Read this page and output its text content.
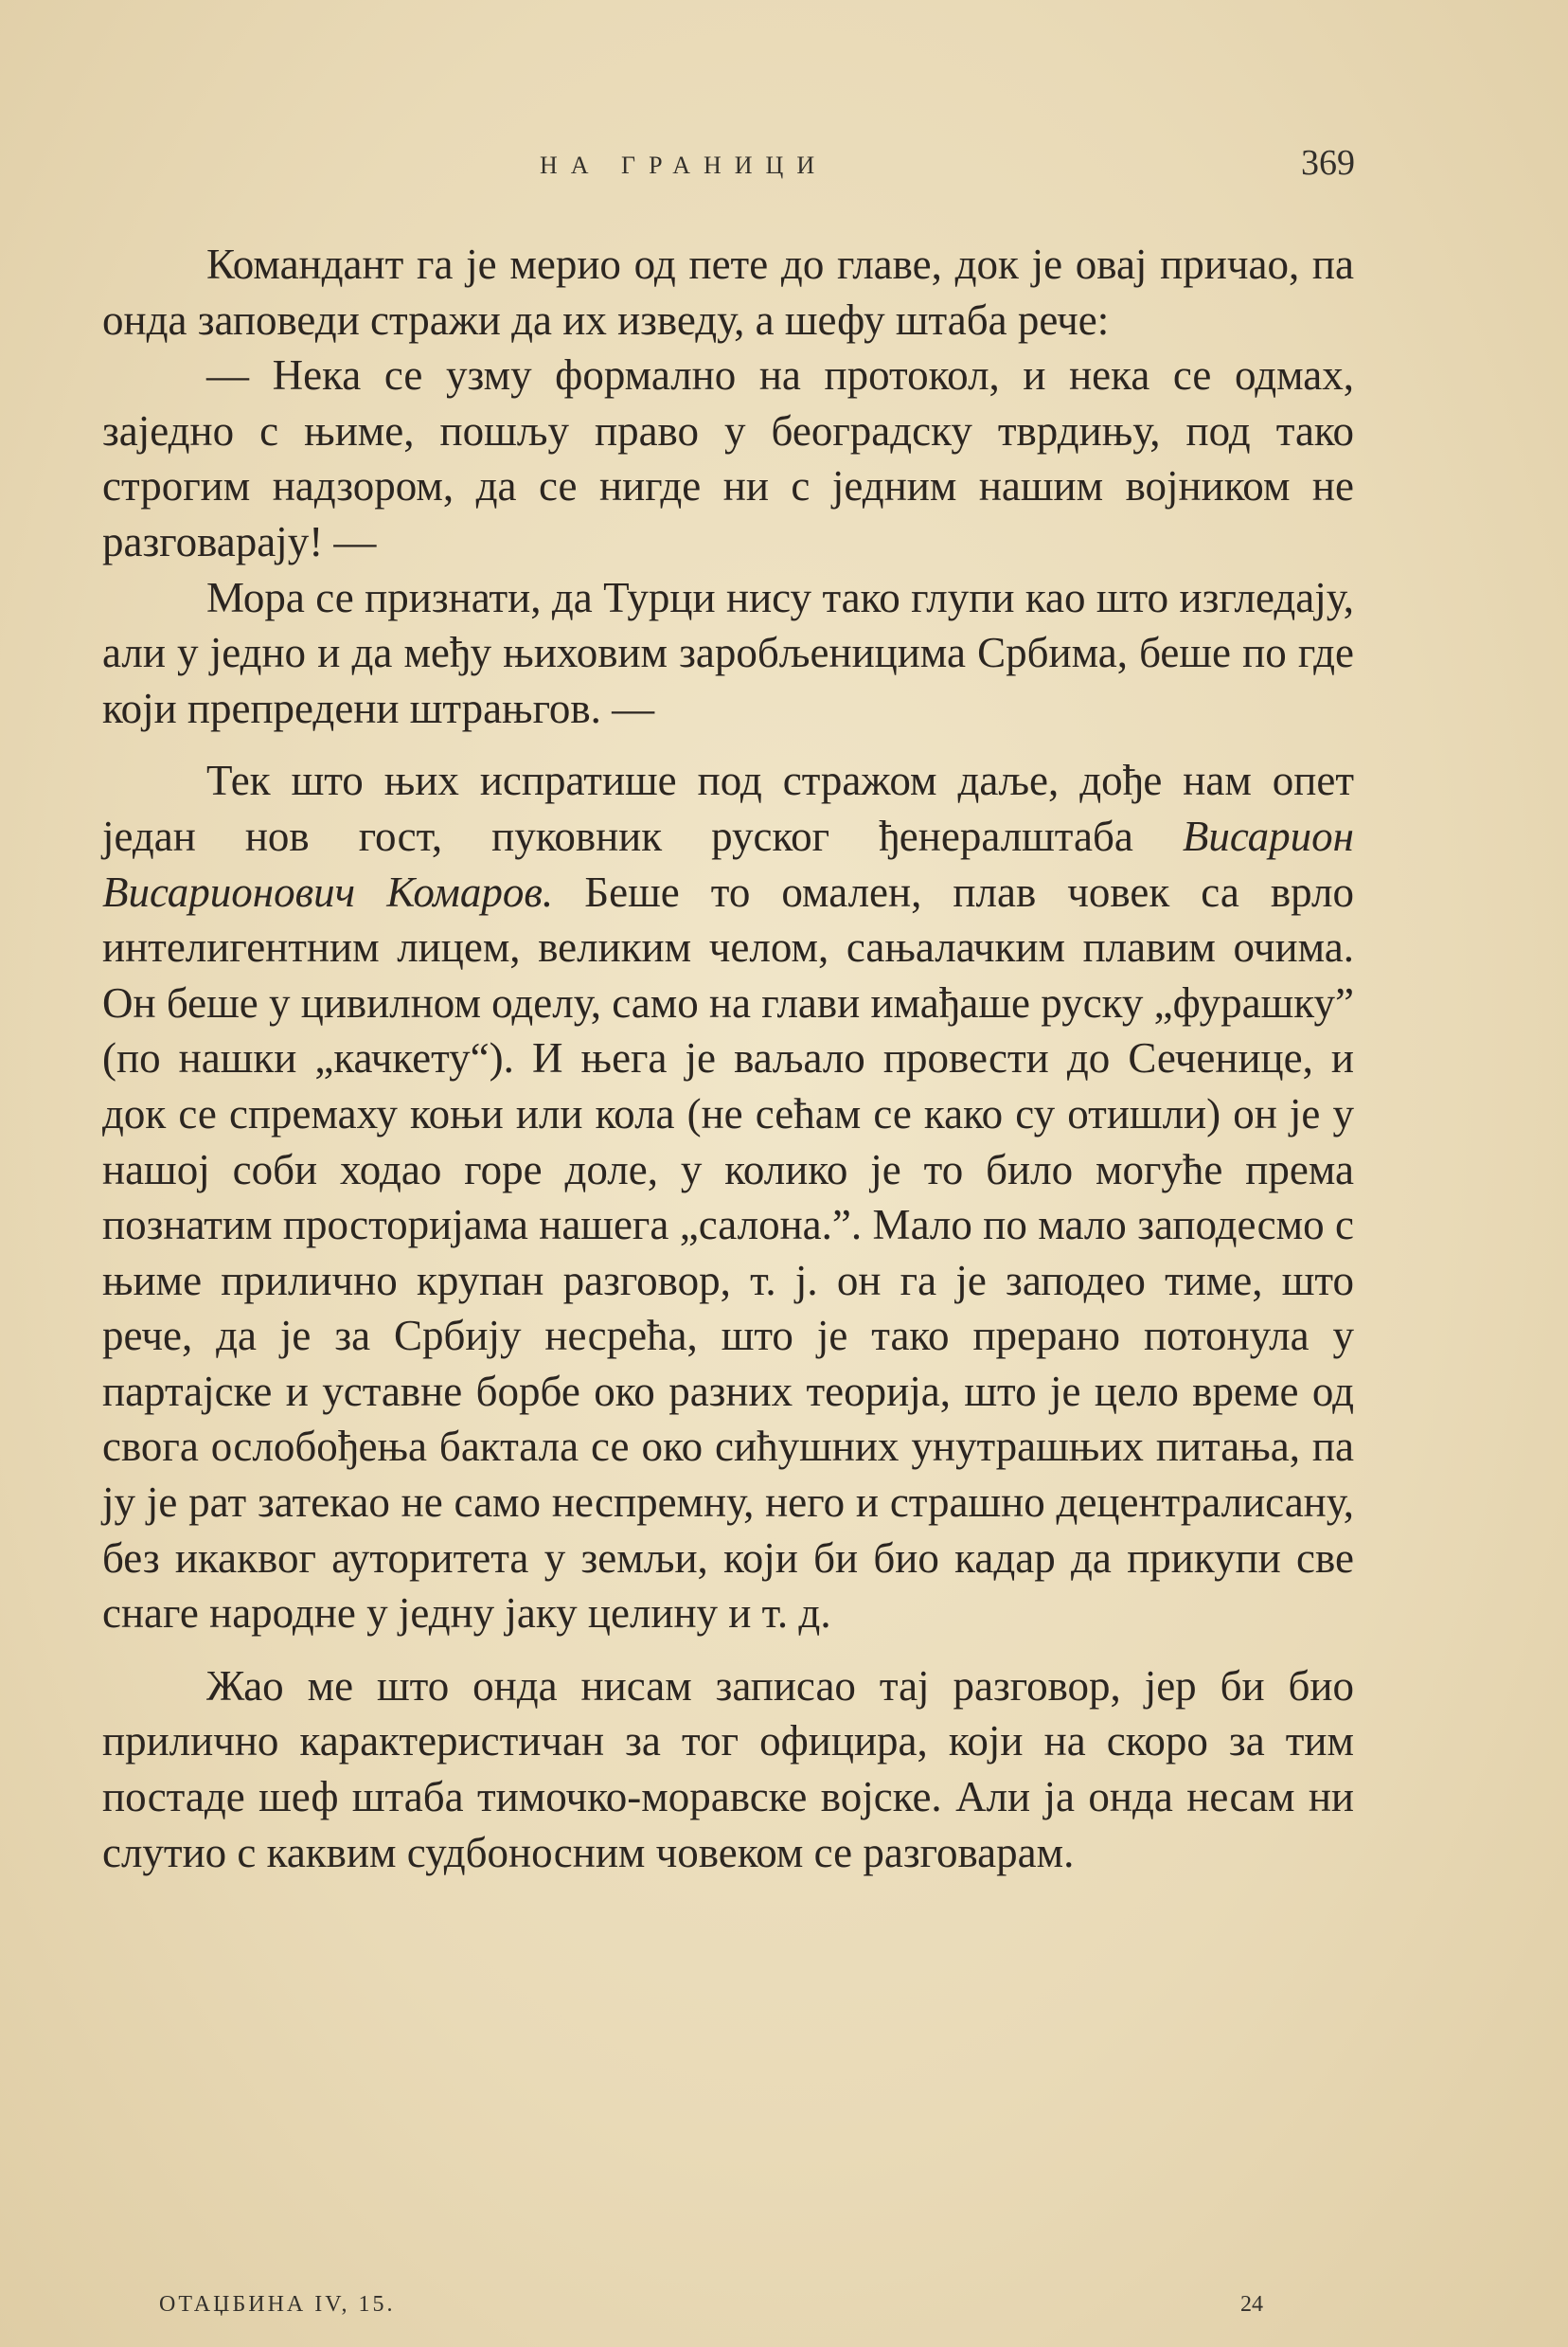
НА ГРАНИЦИ	369

Командант га је мерио од пете до главе, док је овај причао, па онда заповеди стражи да их изведу, а шефу штаба рече:

— Нека се узму формално на протокол, и нека се одмах, заједно с њиме, пошљу право у београдску тврдињу, под тако строгим надзором, да се нигде ни с једним нашим војником не разговарају! —

Мора се признати, да Турци нису тако глупи као што изгледају, али у једно и да међу њиховим заробљеницима Србима, беше по где који препредени штрањгов. —

Тек што њих испратише под стражом даље, дође нам опет један нов гост, пуковник руског ђенералштаба Висарион Висарионович Комаров. Беше то омален, плав човек са врло интелигентним лицем, великим челом, сањалачким плавим очима. Он беше у цивилном оделу, само на глави имађаше руску „фурашку” (по нашки „качкету“). И њега је ваљало провести до Сеченице, и док се спремаху коњи или кола (не сећам се како су отишли) он је у нашој соби ходао горе доле, у колико је то било могуће према познатим просторијама нашега „салона.”. Мало по мало заподесмо с њиме прилично крупан разговор, т. ј. он га је заподео тиме, што рече, да је за Србију несрећа, што је тако прерано потонула у партајске и уставне борбе око разних теорија, што је цело време од свога ослобођења бактала се око сићушних унутрашњих питања, па ју је рат затекао не само неспремну, него и страшно децентралисану, без икаквог ауторитета у земљи, који би био кадар да прикупи све снаге народне у једну јаку целину и т. д.

Жао ме што онда нисам записао тај разговор, јер би био прилично карактеристичан за тог официра, који на скоро за тим постаде шеф штаба тимочко-моравске војске. Али ја онда несам ни слутио с каквим судбоносним човеком се разговарам.

ОТАЏБИНА IV, 15.	24
